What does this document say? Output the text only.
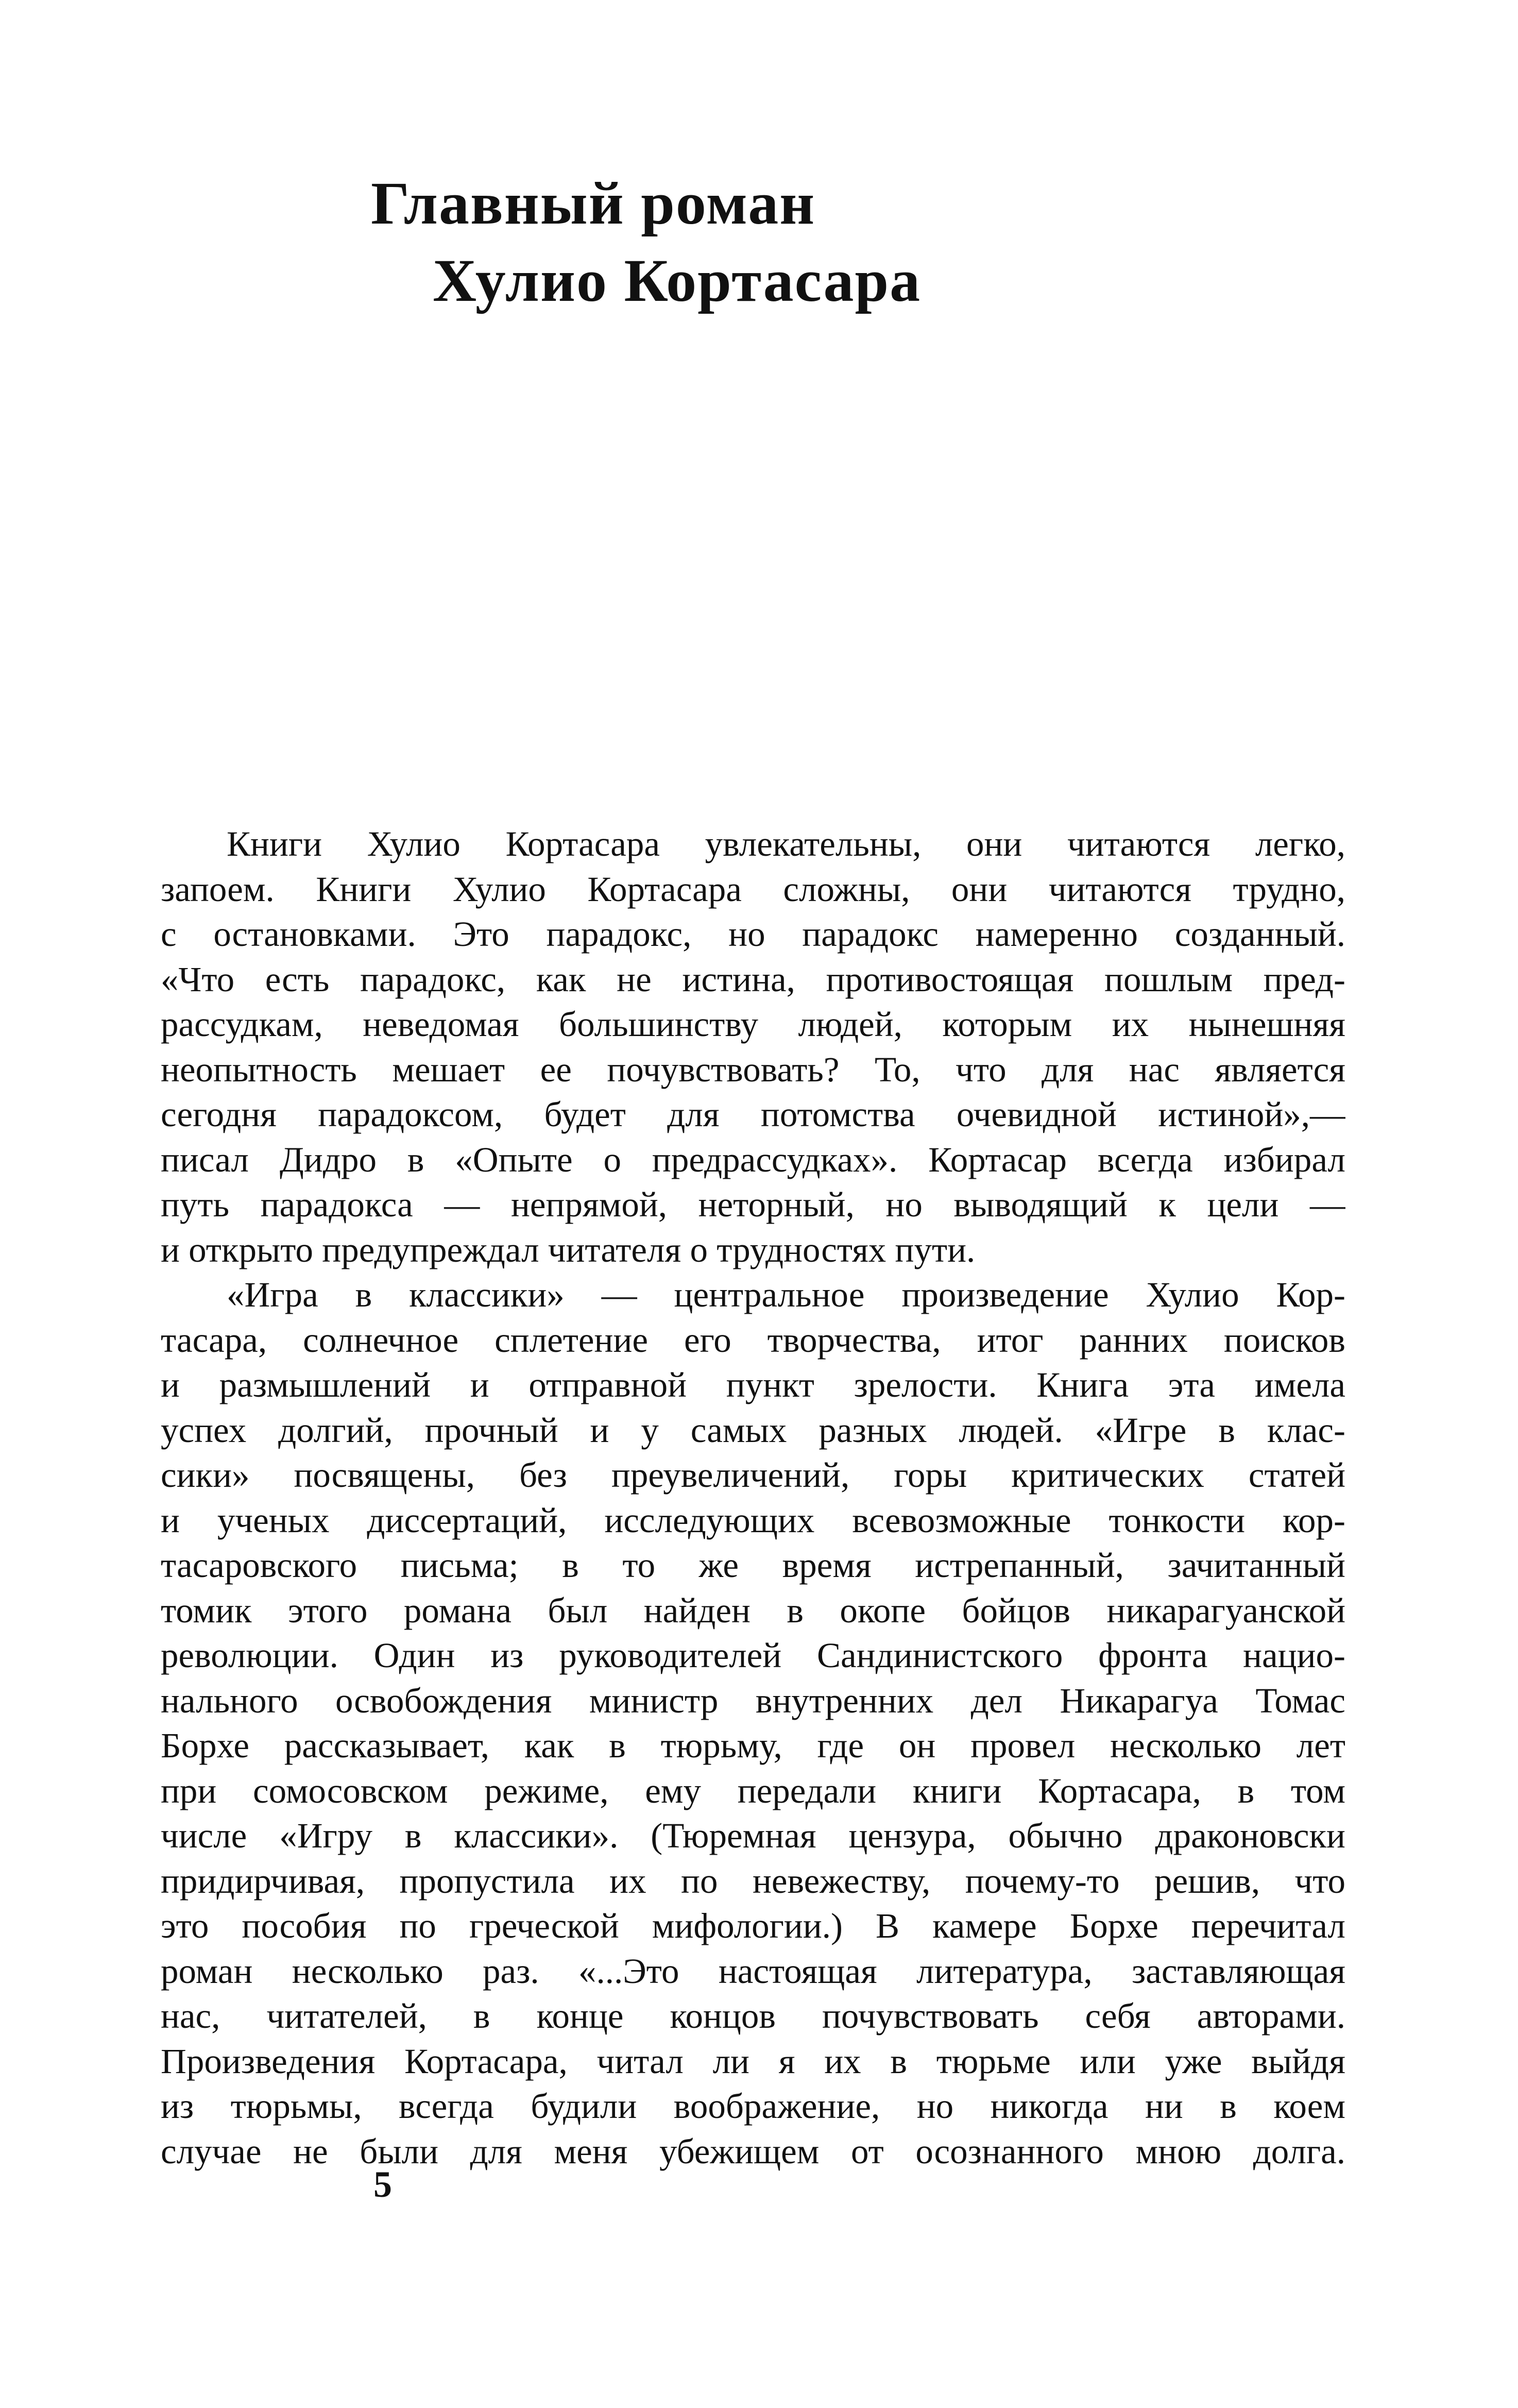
Главный роман
Хулио Кортасара
Книги Хулио Кортасара увлекательны, они читаются легко,
запоем. Книги Хулио Кортасара сложны, они читаются трудно,
с остановками. Это парадокс, но парадокс намеренно созданный.
«Что есть парадокс, как не истина, противостоящая пошлым пред-
рассудкам, неведомая большинству людей, которым их нынешняя
неопытность мешает ее почувствовать? То, что для нас является
сегодня парадоксом, будет для потомства очевидной истиной»,—
писал Дидро в «Опыте о предрассудках». Кортасар всегда избирал
путь парадокса — непрямой, неторный, но выводящий к цели —
и открыто предупреждал читателя о трудностях пути.
«Игра в классики» — центральное произведение Хулио Кор-
тасара, солнечное сплетение его творчества, итог ранних поисков
и размышлений и отправной пункт зрелости. Книга эта имела
успех долгий, прочный и у самых разных людей. «Игре в клас-
сики» посвящены, без преувеличений, горы критических статей
и ученых диссертаций, исследующих всевозможные тонкости кор-
тасаровского письма; в то же время истрепанный, зачитанный
томик этого романа был найден в окопе бойцов никарагуанской
революции. Один из руководителей Сандинистского фронта нацио-
нального освобождения министр внутренних дел Никарагуа Томас
Борхе рассказывает, как в тюрьму, где он провел несколько лет
при сомосовском режиме, ему передали книги Кортасара, в том
числе «Игру в классики». (Тюремная цензура, обычно драконовски
придирчивая, пропустила их по невежеству, почему-то решив, что
это пособия по греческой мифологии.) В камере Борхе перечитал
роман несколько раз. «...Это настоящая литература, заставляющая
нас, читателей, в конце концов почувствовать себя авторами.
Произведения Кортасара, читал ли я их в тюрьме или уже выйдя
из тюрьмы, всегда будили воображение, но никогда ни в коем
случае не были для меня убежищем от осознанного мною долга.
5
